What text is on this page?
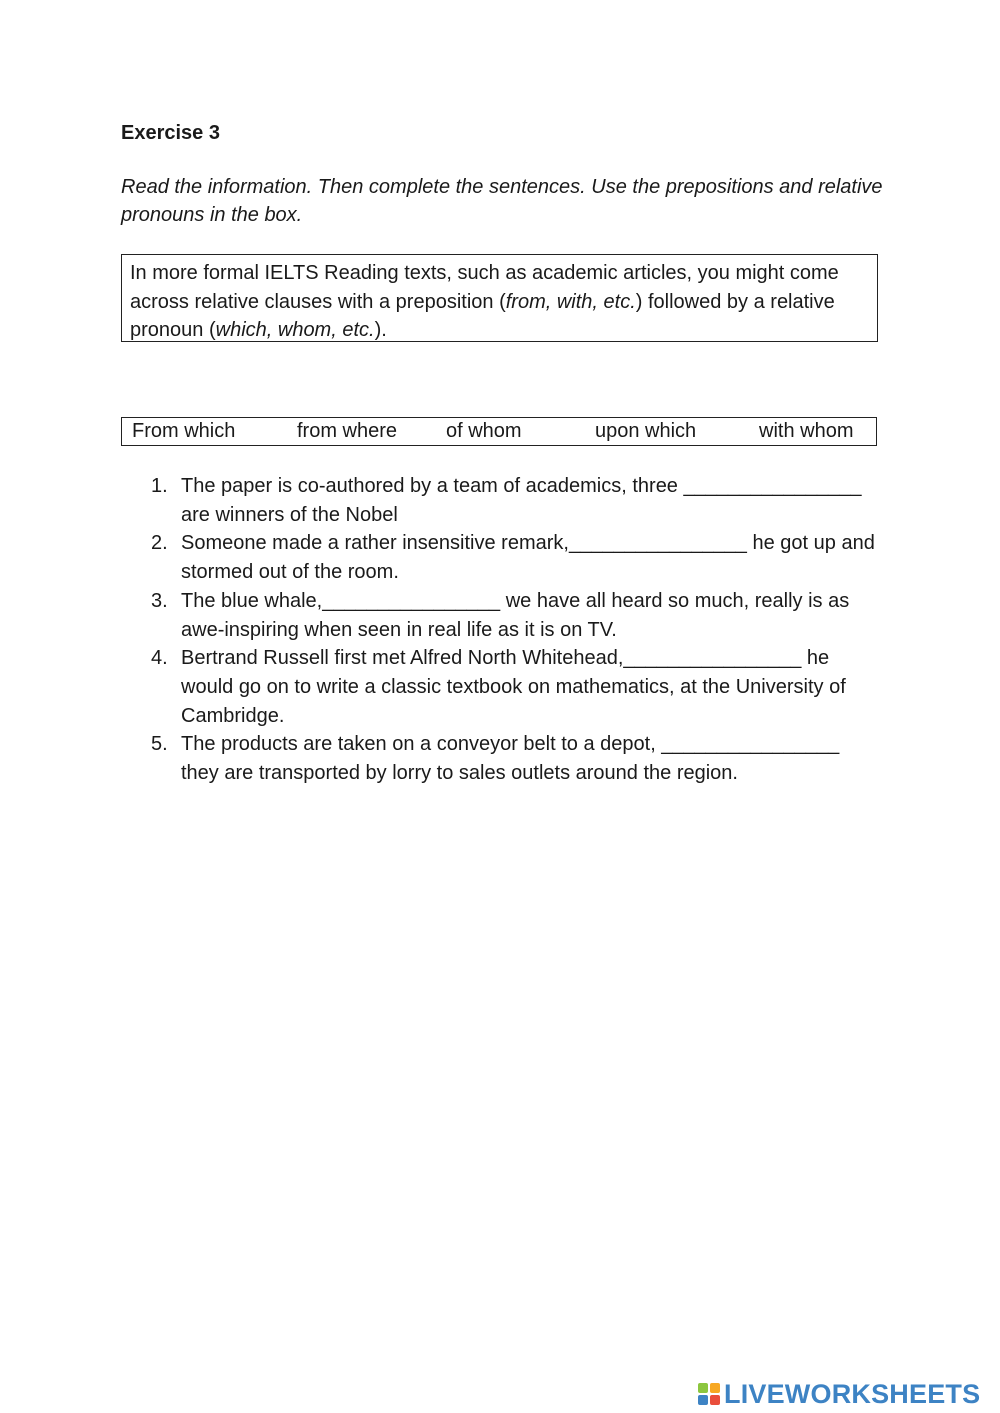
Exercise 3

Read the information. Then complete the sentences. Use the prepositions and relative pronouns in the box.

In more formal IELTS Reading texts, such as academic articles, you might come across relative clauses with a preposition (from, with, etc.) followed by a relative pronoun (which, whom, etc.).

From which	from where of whom	upon which	with whom
1. The paper is co-authored by a team of academics, three ________________ are winners of the Nobel
2. Someone made a rather insensitive remark,________________ he got up and stormed out of the room.
3. The blue whale,________________ we have all heard so much, really is as awe-inspiring when seen in real life as it is on TV.
4. Bertrand Russell first met Alfred North Whitehead,________________ he would go on to write a classic textbook on mathematics, at the University of Cambridge.
5. The products are taken on a conveyor belt to a depot, ________________ they are transported by lorry to sales outlets around the region.
LIVEWORKSHEETS
